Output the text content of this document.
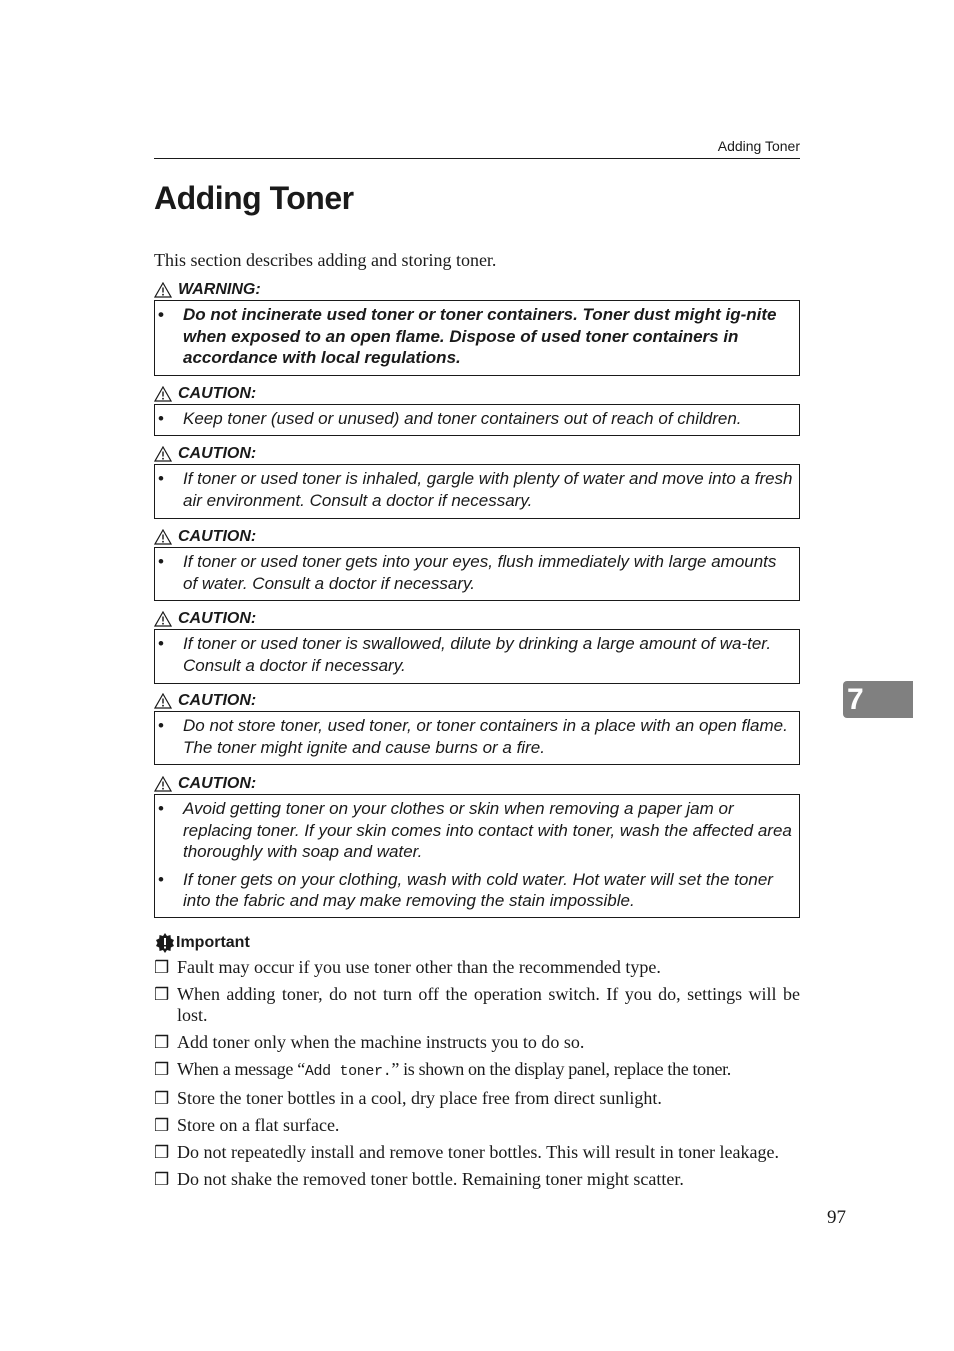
Adding Toner
Adding Toner
This section describes adding and storing toner.
WARNING:
•	Do not incinerate used toner or toner containers. Toner dust might ig-nite when exposed to an open flame. Dispose of used toner containers in accordance with local regulations.
CAUTION:
•	Keep toner (used or unused) and toner containers out of reach of children.
CAUTION:
•	If toner or used toner is inhaled, gargle with plenty of water and move into a fresh air environment. Consult a doctor if necessary.
CAUTION:
•	If toner or used toner gets into your eyes, flush immediately with large amounts of water. Consult a doctor if necessary.
CAUTION:
•	If toner or used toner is swallowed, dilute by drinking a large amount of wa-ter. Consult a doctor if necessary.
CAUTION:
•	Do not store toner, used toner, or toner containers in a place with an open flame. The toner might ignite and cause burns or a fire.
CAUTION:
•	Avoid getting toner on your clothes or skin when removing a paper jam or replacing toner. If your skin comes into contact with toner, wash the affected area thoroughly with soap and water.
•	If toner gets on your clothing, wash with cold water. Hot water will set the toner into the fabric and may make removing the stain impossible.
Important
❒ Fault may occur if you use toner other than the recommended type.
❒ When adding toner, do not turn off the operation switch. If you do, settings will be lost.
❒ Add toner only when the machine instructs you to do so.
❒ When a message “Add toner.” is shown on the display panel, replace the toner.
❒ Store the toner bottles in a cool, dry place free from direct sunlight.
❒ Store on a flat surface.
❒ Do not repeatedly install and remove toner bottles. This will result in toner leakage.
❒ Do not shake the removed toner bottle. Remaining toner might scatter.
7
97
